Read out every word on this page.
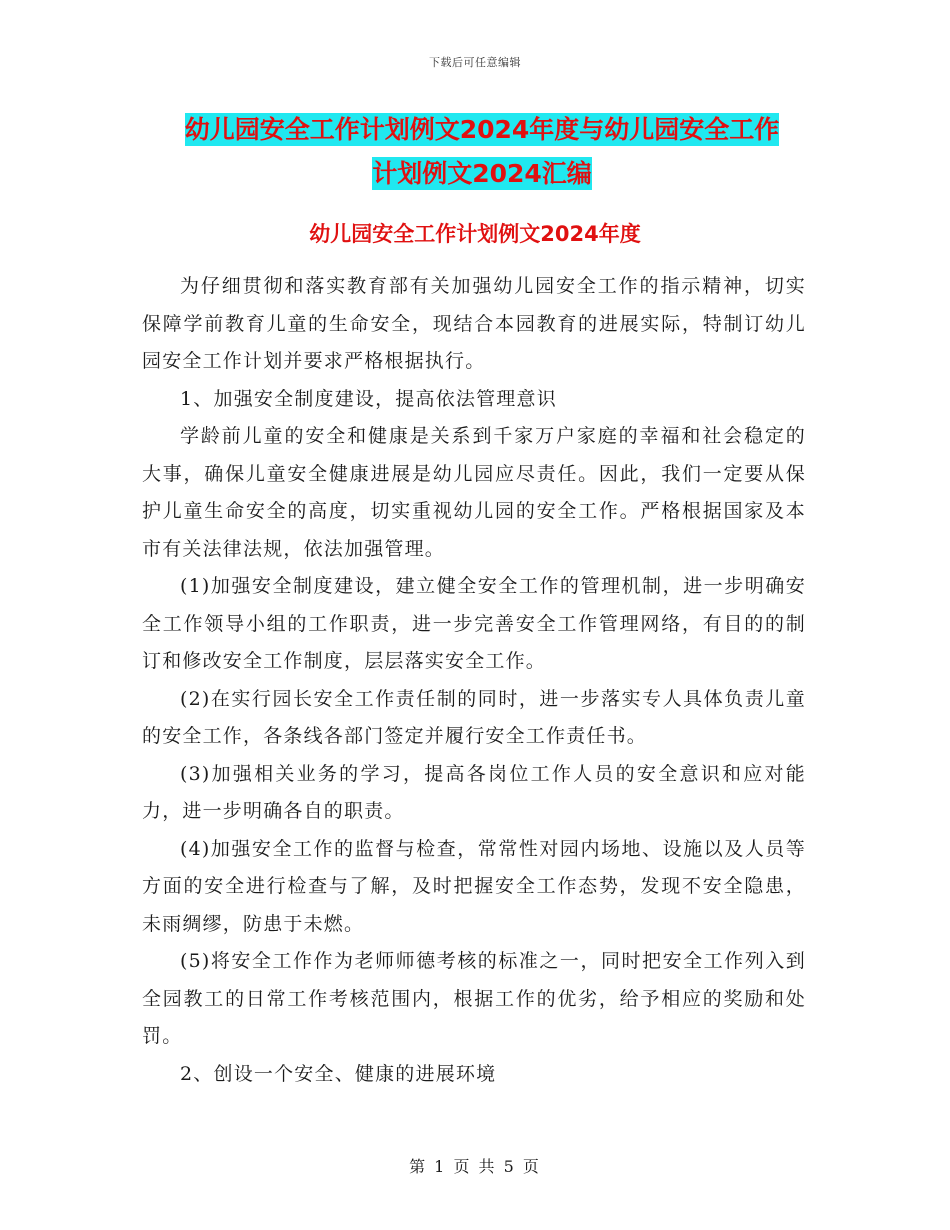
下载后可任意编辑
幼儿园安全工作计划例文2024年度与幼儿园安全工作
计划例文2024汇编
幼儿园安全工作计划例文2024年度

为仔细贯彻和落实教育部有关加强幼儿园安全工作的指示精神，切实保障学前教育儿童的生命安全，现结合本园教育的进展实际，特制订幼儿园安全工作计划并要求严格根据执行。

1、加强安全制度建设，提高依法管理意识

学龄前儿童的安全和健康是关系到千家万户家庭的幸福和社会稳定的大事，确保儿童安全健康进展是幼儿园应尽责任。因此，我们一定要从保护儿童生命安全的高度，切实重视幼儿园的安全工作。严格根据国家及本市有关法律法规，依法加强管理。

(1)加强安全制度建设，建立健全安全工作的管理机制，进一步明确安全工作领导小组的工作职责，进一步完善安全工作管理网络，有目的的制订和修改安全工作制度，层层落实安全工作。

(2)在实行园长安全工作责任制的同时，进一步落实专人具体负责儿童的安全工作，各条线各部门签定并履行安全工作责任书。

(3)加强相关业务的学习，提高各岗位工作人员的安全意识和应对能力，进一步明确各自的职责。

(4)加强安全工作的监督与检查，常常性对园内场地、设施以及人员等方面的安全进行检查与了解，及时把握安全工作态势，发现不安全隐患，未雨绸缪，防患于未燃。

(5)将安全工作作为老师师德考核的标准之一，同时把安全工作列入到全园教工的日常工作考核范围内，根据工作的优劣，给予相应的奖励和处罚。

2、创设一个安全、健康的进展环境

第 1 页 共 5 页
